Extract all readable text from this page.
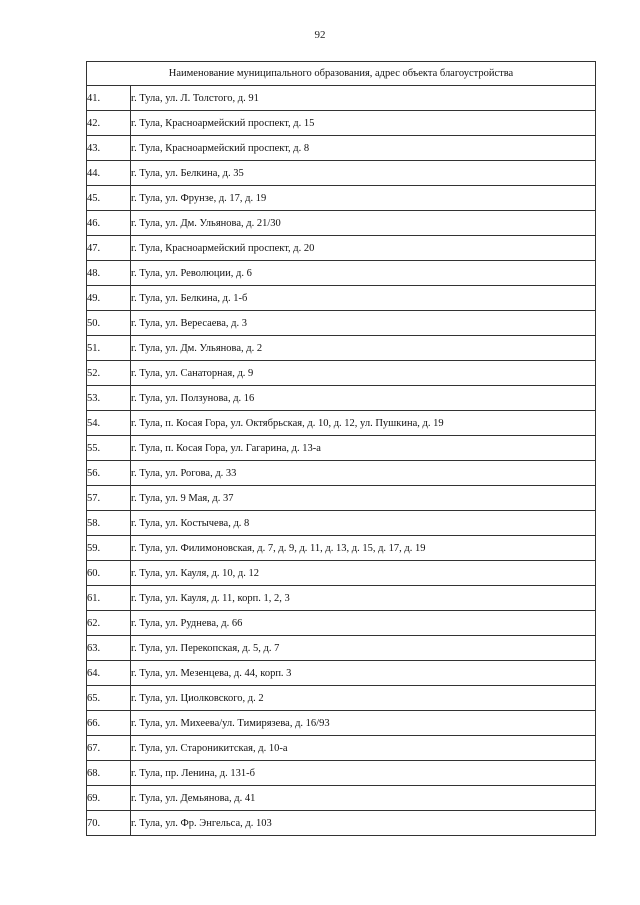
92
Наименование муниципального образования, адрес объекта благоустройства	
41.	г. Тула, ул. Л. Толстого, д. 91
42.	г. Тула, Красноармейский проспект, д. 15
43.	г. Тула, Красноармейский проспект, д. 8
44.	г. Тула, ул. Белкина, д. 35
45.	г. Тула, ул. Фрунзе, д. 17, д. 19
46.	г. Тула, ул. Дм. Ульянова, д. 21/30
47.	г. Тула, Красноармейский проспект, д. 20
48.	г. Тула, ул. Революции, д. 6
49.	г. Тула, ул. Белкина, д. 1-б
50.	г. Тула, ул. Вересаева, д. 3
51.	г. Тула, ул. Дм. Ульянова, д. 2
52.	г. Тула, ул. Санаторная, д. 9
53.	г. Тула, ул. Ползунова, д. 16
54.	г. Тула, п. Косая Гора, ул. Октябрьская, д. 10, д. 12, ул. Пушкина, д. 19
55.	г. Тула, п. Косая Гора, ул. Гагарина, д. 13-а
56.	г. Тула, ул. Рогова, д. 33
57.	г. Тула, ул. 9 Мая, д. 37
58.	г. Тула, ул. Костычева, д. 8
59.	г. Тула, ул. Филимоновская, д. 7, д. 9, д. 11, д. 13, д. 15, д. 17, д. 19
60.	г. Тула, ул. Кауля, д. 10, д. 12
61.	г. Тула, ул. Кауля, д. 11, корп. 1, 2, 3
62.	г. Тула, ул. Руднева, д. 66
63.	г. Тула, ул. Перекопская, д. 5, д. 7
64.	г. Тула, ул. Мезенцева, д. 44, корп. 3
65.	г. Тула, ул. Циолковского, д. 2
66.	г. Тула, ул. Михеева/ул. Тимирязева, д. 16/93
67.	г. Тула, ул. Староникитская, д. 10-а
68.	г. Тула, пр. Ленина, д. 131-б
69.	г. Тула, ул. Демьянова, д. 41
70.	г. Тула, ул. Фр. Энгельса, д. 103
